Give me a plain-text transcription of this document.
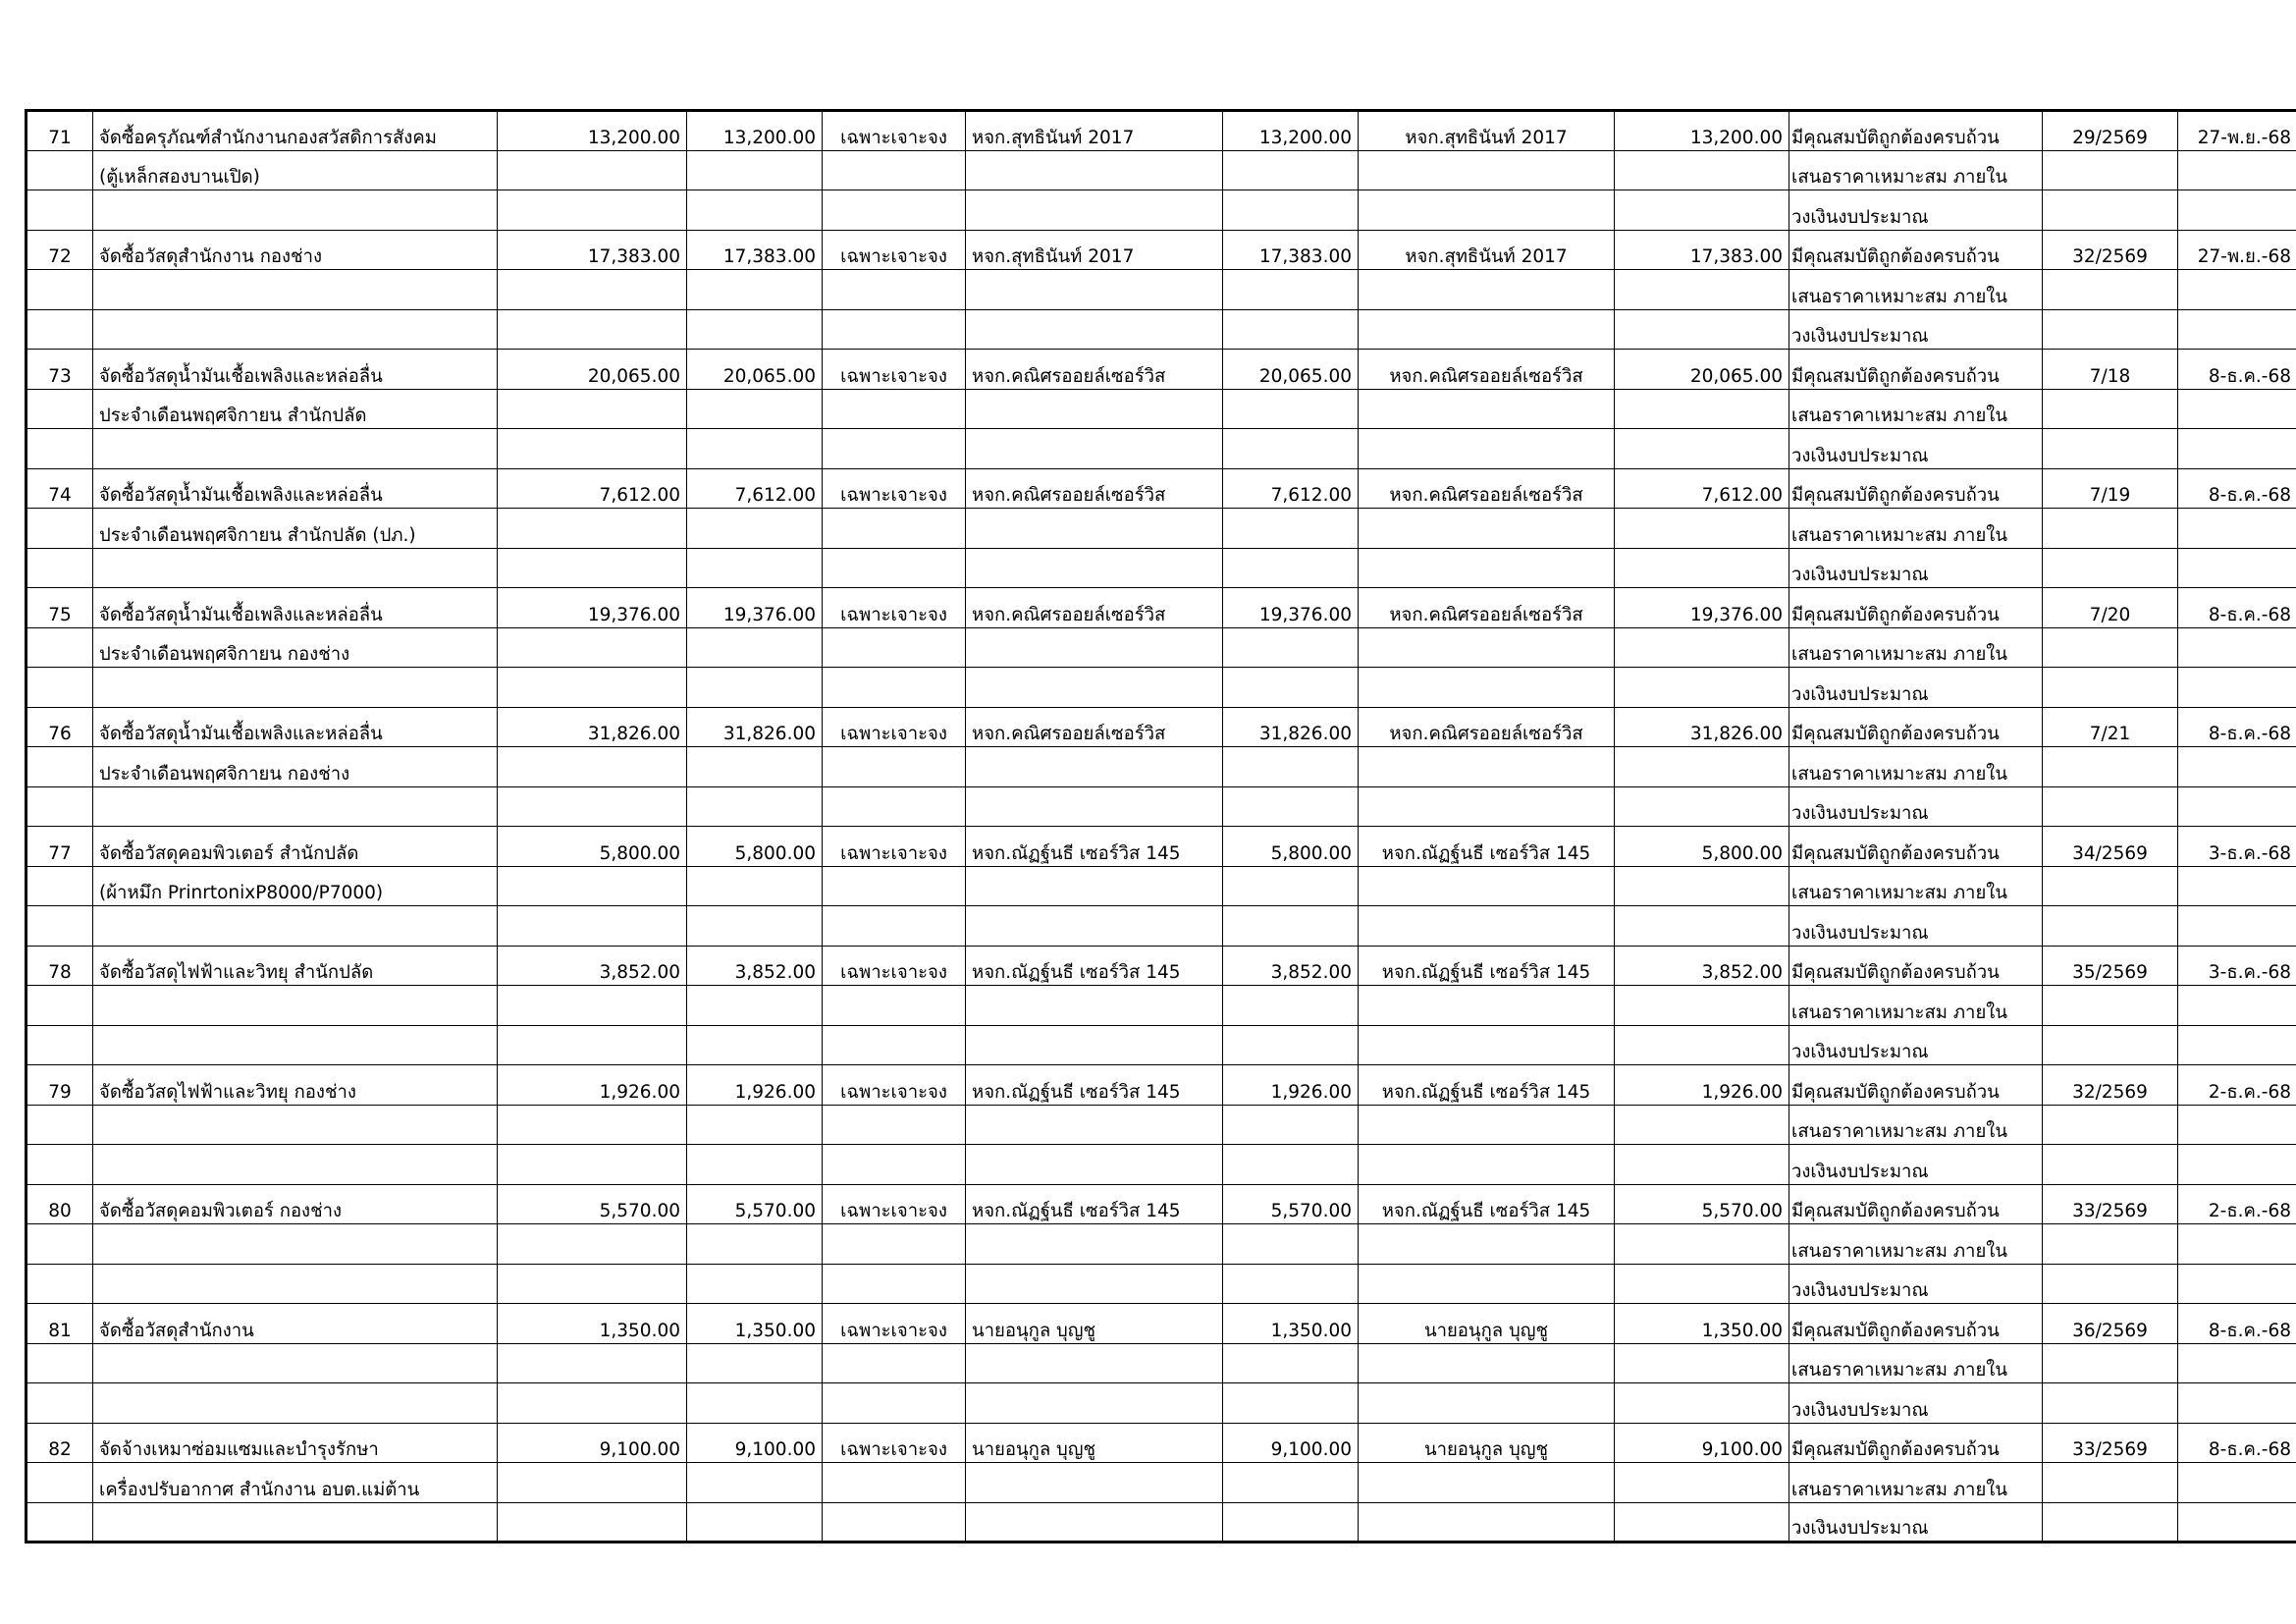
71	จัดซื้อครุภัณฑ์สำนักงานกองสวัสดิการสังคม	13,200.00	13,200.00	เฉพาะเจาะจง	หจก.สุทธินันท์ 2017	13,200.00	หจก.สุทธินันท์ 2017	13,200.00	มีคุณสมบัติถูกต้องครบถ้วน	29/2569	27-พ.ย.-68
	(ตู้เหล็กสองบานเปิด)								เสนอราคาเหมาะสม ภายใน		
									วงเงินงบประมาณ		
72	จัดซื้อวัสดุสำนักงาน กองช่าง	17,383.00	17,383.00	เฉพาะเจาะจง	หจก.สุทธินันท์ 2017	17,383.00	หจก.สุทธินันท์ 2017	17,383.00	มีคุณสมบัติถูกต้องครบถ้วน	32/2569	27-พ.ย.-68
									เสนอราคาเหมาะสม ภายใน		
									วงเงินงบประมาณ		
73	จัดซื้อวัสดุน้ำมันเชื้อเพลิงและหล่อลื่น	20,065.00	20,065.00	เฉพาะเจาะจง	หจก.คณิศรออยล์เซอร์วิส	20,065.00	หจก.คณิศรออยล์เซอร์วิส	20,065.00	มีคุณสมบัติถูกต้องครบถ้วน	7/18	8-ธ.ค.-68
	ประจำเดือนพฤศจิกายน สำนักปลัด								เสนอราคาเหมาะสม ภายใน		
									วงเงินงบประมาณ		
74	จัดซื้อวัสดุน้ำมันเชื้อเพลิงและหล่อลื่น	7,612.00	7,612.00	เฉพาะเจาะจง	หจก.คณิศรออยล์เซอร์วิส	7,612.00	หจก.คณิศรออยล์เซอร์วิส	7,612.00	มีคุณสมบัติถูกต้องครบถ้วน	7/19	8-ธ.ค.-68
	ประจำเดือนพฤศจิกายน สำนักปลัด (ปภ.)								เสนอราคาเหมาะสม ภายใน		
									วงเงินงบประมาณ		
75	จัดซื้อวัสดุน้ำมันเชื้อเพลิงและหล่อลื่น	19,376.00	19,376.00	เฉพาะเจาะจง	หจก.คณิศรออยล์เซอร์วิส	19,376.00	หจก.คณิศรออยล์เซอร์วิส	19,376.00	มีคุณสมบัติถูกต้องครบถ้วน	7/20	8-ธ.ค.-68
	ประจำเดือนพฤศจิกายน กองช่าง								เสนอราคาเหมาะสม ภายใน		
									วงเงินงบประมาณ		
76	จัดซื้อวัสดุน้ำมันเชื้อเพลิงและหล่อลื่น	31,826.00	31,826.00	เฉพาะเจาะจง	หจก.คณิศรออยล์เซอร์วิส	31,826.00	หจก.คณิศรออยล์เซอร์วิส	31,826.00	มีคุณสมบัติถูกต้องครบถ้วน	7/21	8-ธ.ค.-68
	ประจำเดือนพฤศจิกายน กองช่าง								เสนอราคาเหมาะสม ภายใน		
									วงเงินงบประมาณ		
77	จัดซื้อวัสดุคอมพิวเตอร์ สำนักปลัด	5,800.00	5,800.00	เฉพาะเจาะจง	หจก.ณัฏฐ์นธี เซอร์วิส 145	5,800.00	หจก.ณัฏฐ์นธี เซอร์วิส 145	5,800.00	มีคุณสมบัติถูกต้องครบถ้วน	34/2569	3-ธ.ค.-68
	(ผ้าหมึก PrinrtonixP8000/P7000)								เสนอราคาเหมาะสม ภายใน		
									วงเงินงบประมาณ		
78	จัดซื้อวัสดุไฟฟ้าและวิทยุ สำนักปลัด	3,852.00	3,852.00	เฉพาะเจาะจง	หจก.ณัฏฐ์นธี เซอร์วิส 145	3,852.00	หจก.ณัฏฐ์นธี เซอร์วิส 145	3,852.00	มีคุณสมบัติถูกต้องครบถ้วน	35/2569	3-ธ.ค.-68
									เสนอราคาเหมาะสม ภายใน		
									วงเงินงบประมาณ		
79	จัดซื้อวัสดุไฟฟ้าและวิทยุ กองช่าง	1,926.00	1,926.00	เฉพาะเจาะจง	หจก.ณัฏฐ์นธี เซอร์วิส 145	1,926.00	หจก.ณัฏฐ์นธี เซอร์วิส 145	1,926.00	มีคุณสมบัติถูกต้องครบถ้วน	32/2569	2-ธ.ค.-68
									เสนอราคาเหมาะสม ภายใน		
									วงเงินงบประมาณ		
80	จัดซื้อวัสดุคอมพิวเตอร์ กองช่าง	5,570.00	5,570.00	เฉพาะเจาะจง	หจก.ณัฏฐ์นธี เซอร์วิส 145	5,570.00	หจก.ณัฏฐ์นธี เซอร์วิส 145	5,570.00	มีคุณสมบัติถูกต้องครบถ้วน	33/2569	2-ธ.ค.-68
									เสนอราคาเหมาะสม ภายใน		
									วงเงินงบประมาณ		
81	จัดซื้อวัสดุสำนักงาน	1,350.00	1,350.00	เฉพาะเจาะจง	นายอนุกูล บุญชู	1,350.00	นายอนุกูล บุญชู	1,350.00	มีคุณสมบัติถูกต้องครบถ้วน	36/2569	8-ธ.ค.-68
									เสนอราคาเหมาะสม ภายใน		
									วงเงินงบประมาณ		
82	จัดจ้างเหมาซ่อมแซมและบำรุงรักษา	9,100.00	9,100.00	เฉพาะเจาะจง	นายอนุกูล บุญชู	9,100.00	นายอนุกูล บุญชู	9,100.00	มีคุณสมบัติถูกต้องครบถ้วน	33/2569	8-ธ.ค.-68
	เครื่องปรับอากาศ สำนักงาน อบต.แม่ต้าน								เสนอราคาเหมาะสม ภายใน		
									วงเงินงบประมาณ		
